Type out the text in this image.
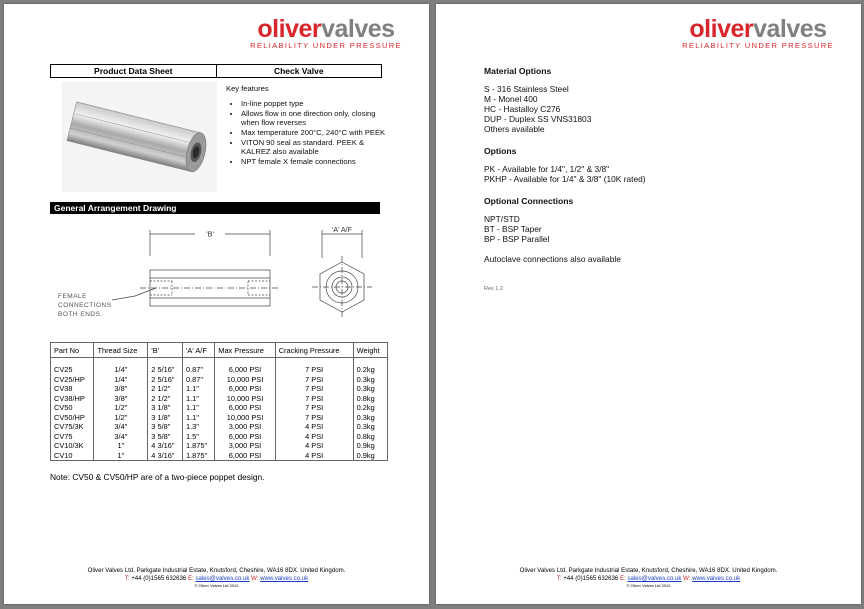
olivervalves
RELIABILITY UNDER PRESSURE
Product Data Sheet	Check Valve
Key features
• In-line poppet type
• Allows flow in one direction only, closing when flow reverses
• Max temperature 200°C, 240°C with PEEK
• VITON 90 seal as standard. PEEK & KALREZ also available
• NPT female X female connections
General Arrangement Drawing
'B'	'A' A/F
FEMALE
CONNECTIONS
BOTH ENDS.
Part No	Thread Size	'B'	'A' A/F	Max Pressure	Cracking Pressure	Weight

CV25	1/4"	2 5/16"	0.87"	6,000 PSI	7 PSI	0.2kg
CV25/HP	1/4"	2 5/16"	0.87"	10,000 PSI	7 PSI	0.3kg
CV38	3/8"	2 1/2"	1.1"	6,000 PSI	7 PSI	0.3kg
CV38/HP	3/8"	2 1/2"	1.1"	10,000 PSI	7 PSI	0.8kg
CV50	1/2"	3 1/8"	1.1"	6,000 PSI	7 PSI	0.2kg
CV50/HP	1/2"	3 1/8"	1.1"	10,000 PSI	7 PSI	0.3kg
CV75/3K	3/4"	3 5/8"	1.3"	3,000 PSI	4 PSI	0.3kg
CV75	3/4"	3 5/8"	1.5"	6,000 PSI	4 PSI	0.8kg
CV10/3K	1"	4 3/16"	1.875"	3,000 PSI	4 PSI	0.9kg
CV10	1"	4 3/16"	1.875"	6,000 PSI	4 PSI	0.9kg
Note: CV50 & CV50/HP are of a two-piece poppet design.
Oliver Valves Ltd, Parkgate Industrial Estate, Knutsford, Cheshire, WA16 8DX. United Kingdom.
T: +44 (0)1565 632636 E: sales@valves.co.uk W: www.valves.co.uk
© Oliver Valves Ltd 2010
olivervalves
RELIABILITY UNDER PRESSURE
Material Options
S - 316 Stainless Steel
M - Monel 400
HC - Hastalloy C276
DUP - Duplex SS VNS31803
Others available
Options
PK - Available for 1/4", 1/2" & 3/8"
PKHP - Available for 1/4" & 3/8" (10K rated)
Optional Connections
NPT/STD
BT - BSP Taper
BP - BSP Parallel
Autoclave connections also available
Rev 1.2
Oliver Valves Ltd, Parkgate Industrial Estate, Knutsford, Cheshire, WA16 8DX. United Kingdom.
T: +44 (0)1565 632636 E: sales@valves.co.uk W: www.valves.co.uk
© Oliver Valves Ltd 2010
